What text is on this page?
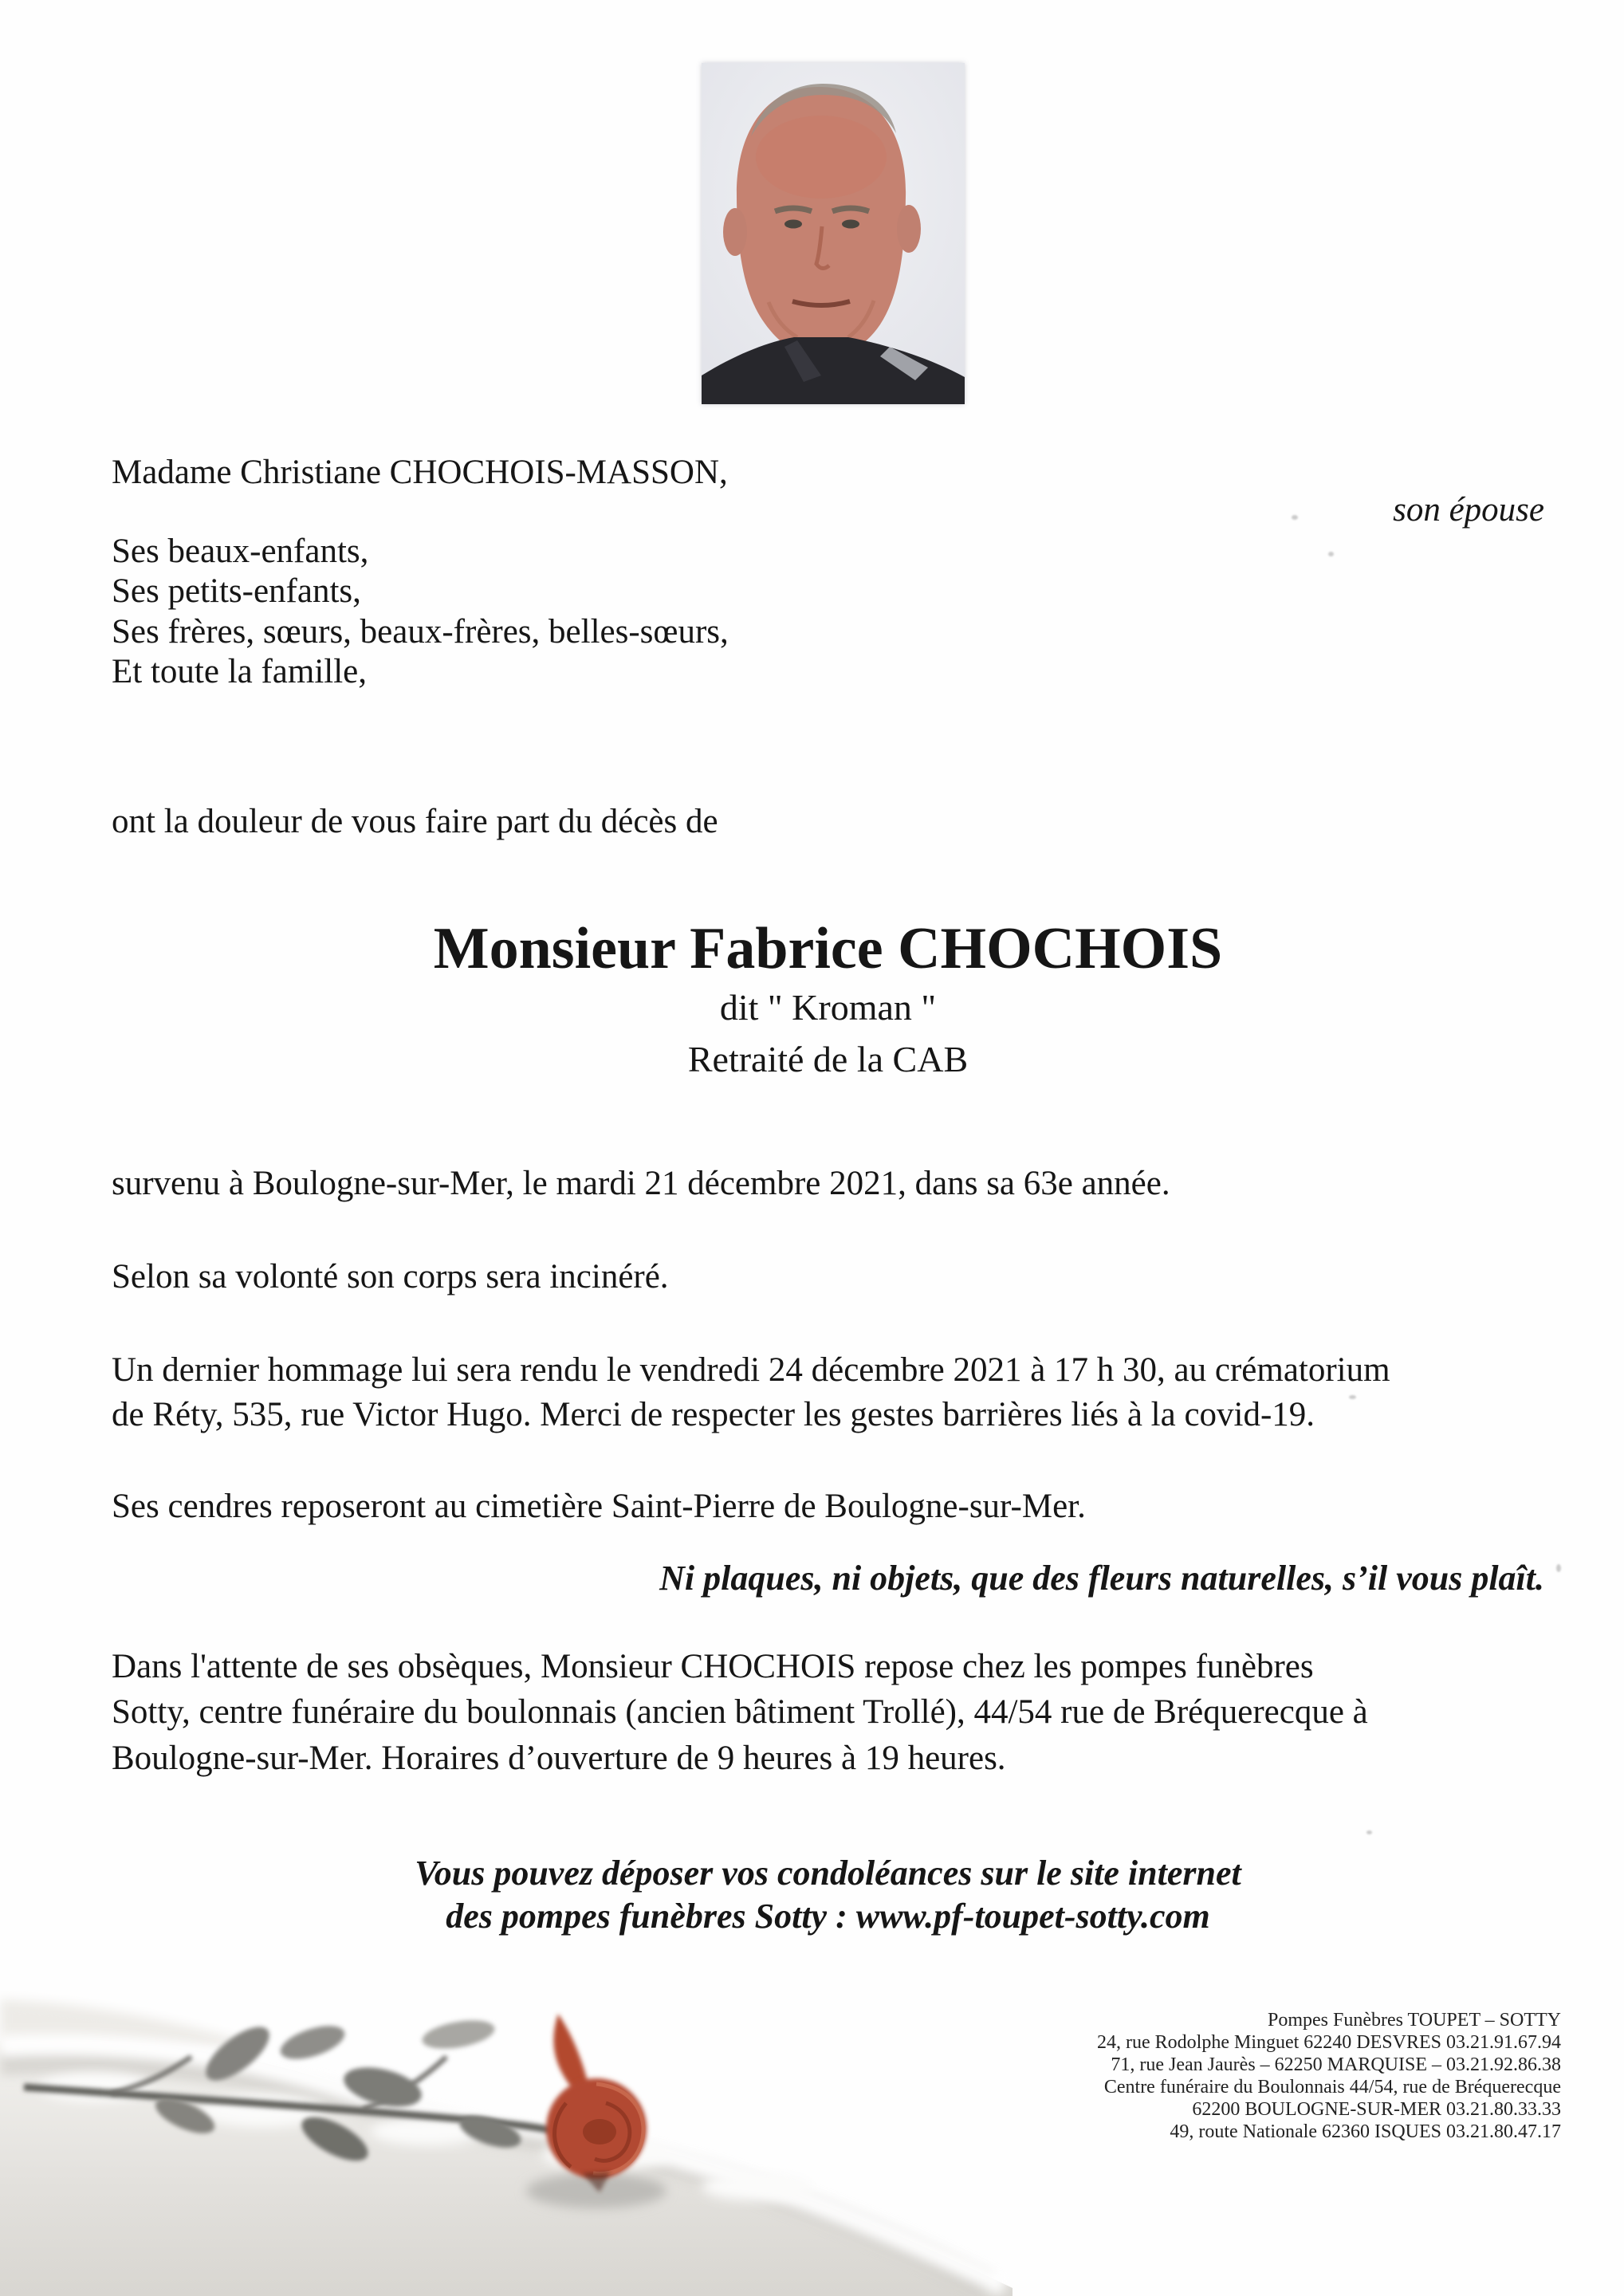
Madame Christiane CHOCHOIS-MASSON,
son épouse
Ses beaux-enfants,
Ses petits-enfants,
Ses frères, sœurs, beaux-frères, belles-sœurs,
Et toute la famille,
ont la douleur de vous faire part du décès de
Monsieur Fabrice CHOCHOIS
dit " Kroman "
Retraité de la CAB
survenu à Boulogne-sur-Mer, le mardi 21 décembre 2021, dans sa 63e année.
Selon sa volonté son corps sera incinéré.
Un dernier hommage lui sera rendu le vendredi 24 décembre 2021 à 17 h 30, au crématorium
de Réty, 535, rue Victor Hugo. Merci de respecter les gestes barrières liés à la covid-19.
Ses cendres reposeront au cimetière Saint-Pierre de Boulogne-sur-Mer.
Ni plaques, ni objets, que des fleurs naturelles, s’il vous plaît.
Dans l'attente de ses obsèques, Monsieur CHOCHOIS repose chez les pompes funèbres
Sotty, centre funéraire du boulonnais (ancien bâtiment Trollé), 44/54 rue de Bréquerecque à
Boulogne-sur-Mer. Horaires d’ouverture de 9 heures à 19 heures.
Vous pouvez déposer vos condoléances sur le site internet
des pompes funèbres Sotty : www.pf-toupet-sotty.com
Pompes Funèbres TOUPET – SOTTY
24, rue Rodolphe Minguet 62240 DESVRES 03.21.91.67.94
71, rue Jean Jaurès – 62250 MARQUISE – 03.21.92.86.38
Centre funéraire du Boulonnais 44/54, rue de Bréquerecque
62200 BOULOGNE-SUR-MER 03.21.80.33.33
49, route Nationale 62360 ISQUES 03.21.80.47.17
